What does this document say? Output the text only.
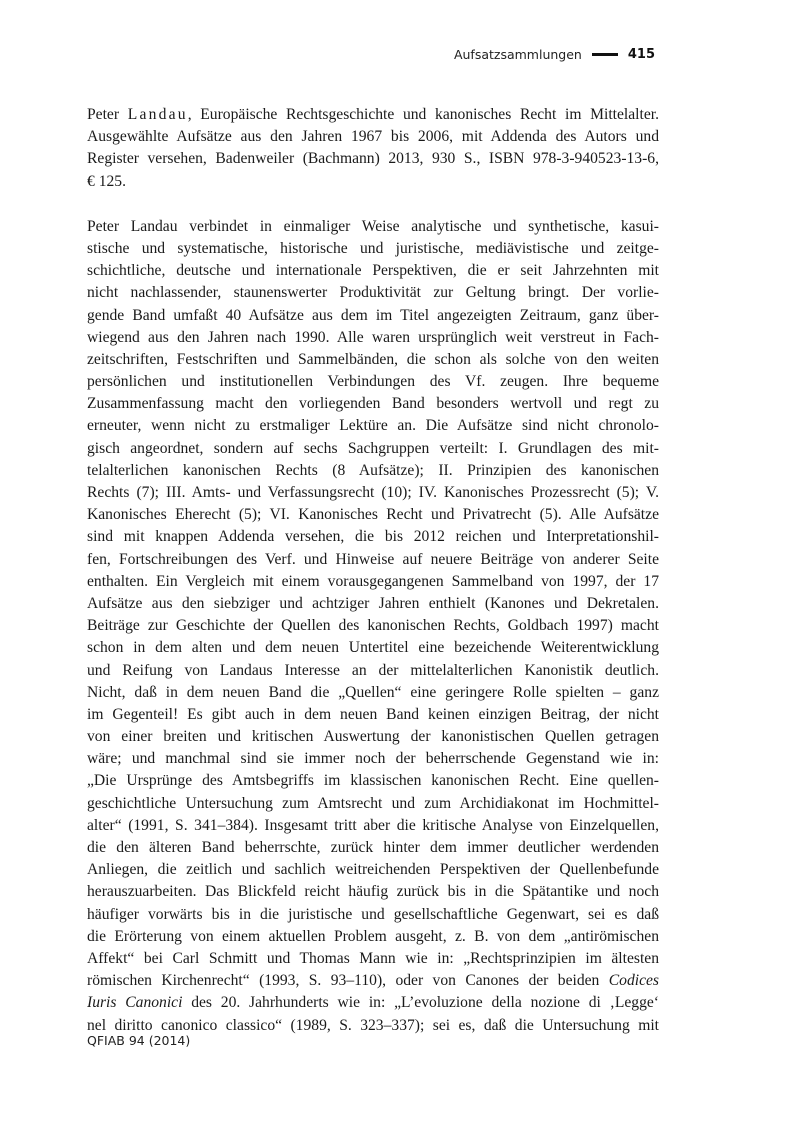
Aufsatzsammlungen	415
Peter Landau, Europäische Rechtsgeschichte und kanonisches Recht im Mittelalter.
Ausgewählte Aufsätze aus den Jahren 1967 bis 2006, mit Addenda des Autors und
Register versehen, Badenweiler (Bachmann) 2013, 930 S., ISBN 978-3-940523-13-6,
€ 125.
Peter Landau verbindet in einmaliger Weise analytische und synthetische, kasui-
stische und systematische, historische und juristische, mediävistische und zeitge-
schichtliche, deutsche und internationale Perspektiven, die er seit Jahrzehnten mit
nicht nachlassender, staunenswerter Produktivität zur Geltung bringt. Der vorlie-
gende Band umfaßt 40 Aufsätze aus dem im Titel angezeigten Zeitraum, ganz über-
wiegend aus den Jahren nach 1990. Alle waren ursprünglich weit verstreut in Fach-
zeitschriften, Festschriften und Sammelbänden, die schon als solche von den weiten
persönlichen und institutionellen Verbindungen des Vf. zeugen. Ihre bequeme
Zusammenfassung macht den vorliegenden Band besonders wertvoll und regt zu
erneuter, wenn nicht zu erstmaliger Lektüre an. Die Aufsätze sind nicht chronolo-
gisch angeordnet, sondern auf sechs Sachgruppen verteilt: I. Grundlagen des mit-
telalterlichen kanonischen Rechts (8 Aufsätze); II. Prinzipien des kanonischen
Rechts (7); III. Amts- und Verfassungsrecht (10); IV. Kanonisches Prozessrecht (5); V.
Kanonisches Eherecht (5); VI. Kanonisches Recht und Privatrecht (5). Alle Aufsätze
sind mit knappen Addenda versehen, die bis 2012 reichen und Interpretationshil-
fen, Fortschreibungen des Verf. und Hinweise auf neuere Beiträge von anderer Seite
enthalten. Ein Vergleich mit einem vorausgegangenen Sammelband von 1997, der 17
Aufsätze aus den siebziger und achtziger Jahren enthielt (Kanones und Dekretalen.
Beiträge zur Geschichte der Quellen des kanonischen Rechts, Goldbach 1997) macht
schon in dem alten und dem neuen Untertitel eine bezeichende Weiterentwicklung
und Reifung von Landaus Interesse an der mittelalterlichen Kanonistik deutlich.
Nicht, daß in dem neuen Band die „Quellen“ eine geringere Rolle spielten – ganz
im Gegenteil! Es gibt auch in dem neuen Band keinen einzigen Beitrag, der nicht
von einer breiten und kritischen Auswertung der kanonistischen Quellen getragen
wäre; und manchmal sind sie immer noch der beherrschende Gegenstand wie in:
„Die Ursprünge des Amtsbegriffs im klassischen kanonischen Recht. Eine quellen-
geschichtliche Untersuchung zum Amtsrecht und zum Archidiakonat im Hochmittel-
alter“ (1991, S. 341–384). Insgesamt tritt aber die kritische Analyse von Einzelquellen,
die den älteren Band beherrschte, zurück hinter dem immer deutlicher werdenden
Anliegen, die zeitlich und sachlich weitreichenden Perspektiven der Quellenbefunde
herauszuarbeiten. Das Blickfeld reicht häufig zurück bis in die Spätantike und noch
häufiger vorwärts bis in die juristische und gesellschaftliche Gegenwart, sei es daß
die Erörterung von einem aktuellen Problem ausgeht, z. B. von dem „antirömischen
Affekt“ bei Carl Schmitt und Thomas Mann wie in: „Rechtsprinzipien im ältesten
römischen Kirchenrecht“ (1993, S. 93–110), oder von Canones der beiden Codices
Iuris Canonici des 20. Jahrhunderts wie in: „L’evoluzione della nozione di ‚Legge‘
nel diritto canonico classico“ (1989, S. 323–337); sei es, daß die Untersuchung mit
QFIAB 94 (2014)
